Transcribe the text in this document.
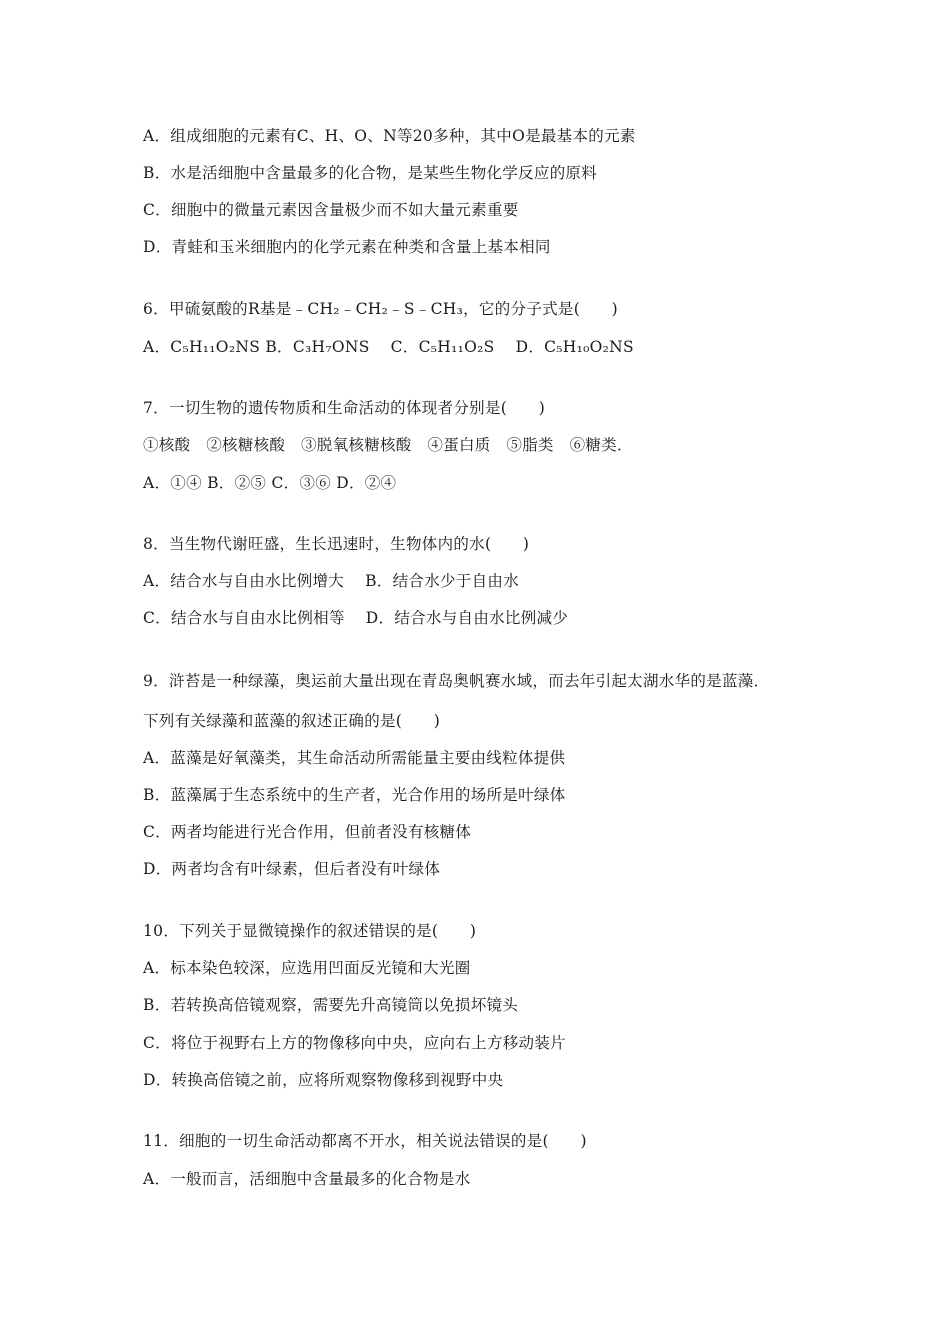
A．组成细胞的元素有C、H、O、N等20多种，其中O是最基本的元素
B．水是活细胞中含量最多的化合物，是某些生物化学反应的原料
C．细胞中的微量元素因含量极少而不如大量元素重要
D．青蛙和玉米细胞内的化学元素在种类和含量上基本相同
6．甲硫氨酸的R基是﹣CH₂﹣CH₂﹣S﹣CH₃，它的分子式是(　　)
A．C₅H₁₁O₂NS B．C₃H₇ONS　 C．C₅H₁₁O₂S　 D．C₅H₁₀O₂NS
7．一切生物的遗传物质和生命活动的体现者分别是(　　)
①核酸　②核糖核酸　③脱氧核糖核酸　④蛋白质　⑤脂类　⑥糖类．
A．①④ B．②⑤ C．③⑥ D．②④
8．当生物代谢旺盛，生长迅速时，生物体内的水(　　)
A．结合水与自由水比例增大　 B．结合水少于自由水
C．结合水与自由水比例相等　 D．结合水与自由水比例减少
9．浒苔是一种绿藻，奥运前大量出现在青岛奥帆赛水域，而去年引起太湖水华的是蓝藻．
下列有关绿藻和蓝藻的叙述正确的是(　　)
A．蓝藻是好氧藻类，其生命活动所需能量主要由线粒体提供
B．蓝藻属于生态系统中的生产者，光合作用的场所是叶绿体
C．两者均能进行光合作用，但前者没有核糖体
D．两者均含有叶绿素，但后者没有叶绿体
10．下列关于显微镜操作的叙述错误的是(　　)
A．标本染色较深，应选用凹面反光镜和大光圈
B．若转换高倍镜观察，需要先升高镜筒以免损坏镜头
C．将位于视野右上方的物像移向中央，应向右上方移动装片
D．转换高倍镜之前，应将所观察物像移到视野中央
11．细胞的一切生命活动都离不开水，相关说法错误的是(　　)
A．一般而言，活细胞中含量最多的化合物是水
